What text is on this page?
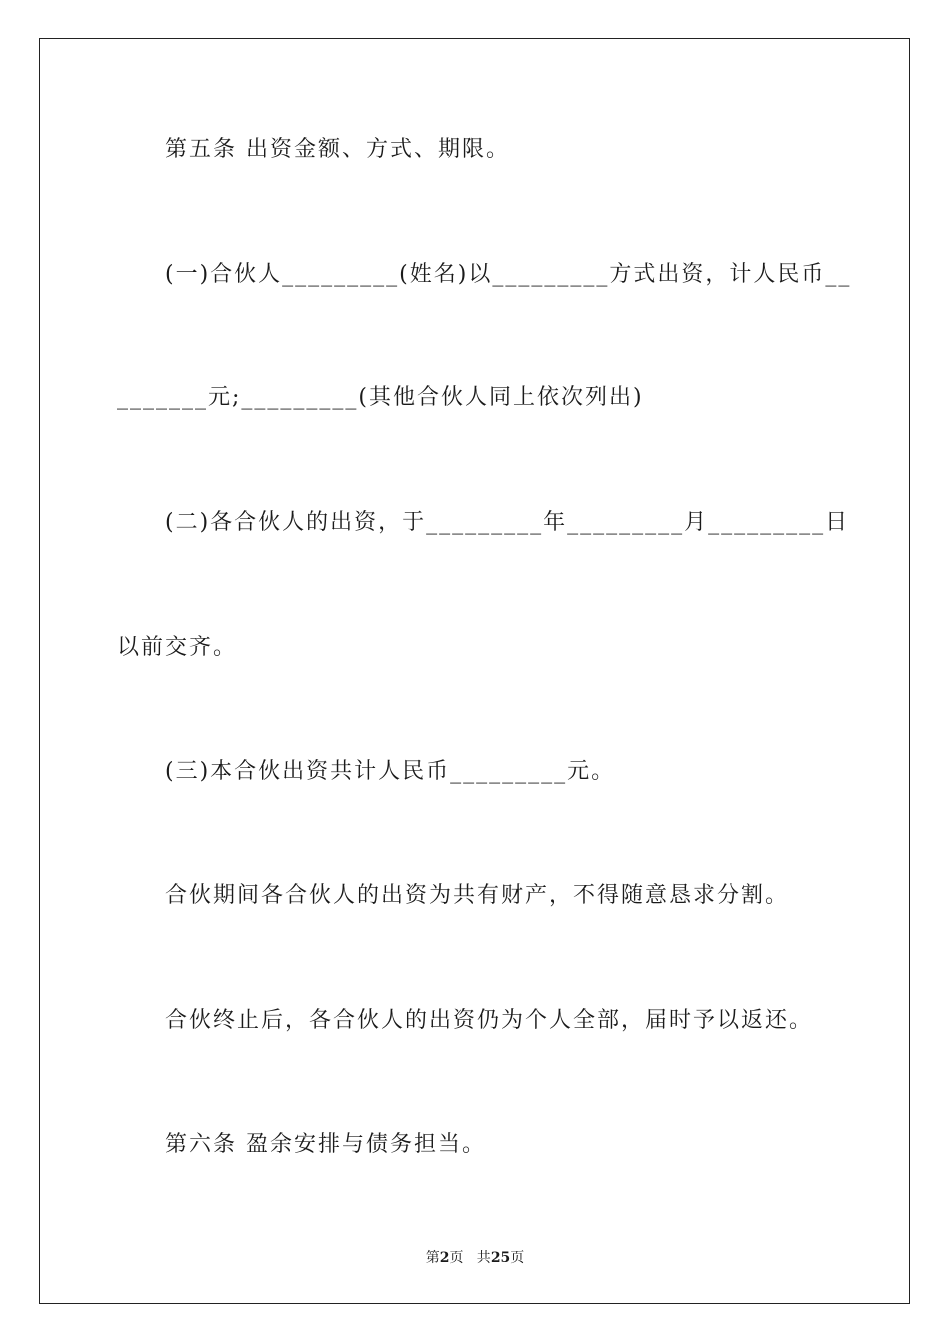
第五条 出资金额、方式、期限。
(一)合伙人_________(姓名)以_________方式出资，计人民币__
_______元;_________(其他合伙人同上依次列出)
(二)各合伙人的出资，于_________年_________月_________日
以前交齐。
(三)本合伙出资共计人民币_________元。
合伙期间各合伙人的出资为共有财产，不得随意恳求分割。
合伙终止后，各合伙人的出资仍为个人全部，届时予以返还。
第六条 盈余安排与债务担当。
第2页   共25页
